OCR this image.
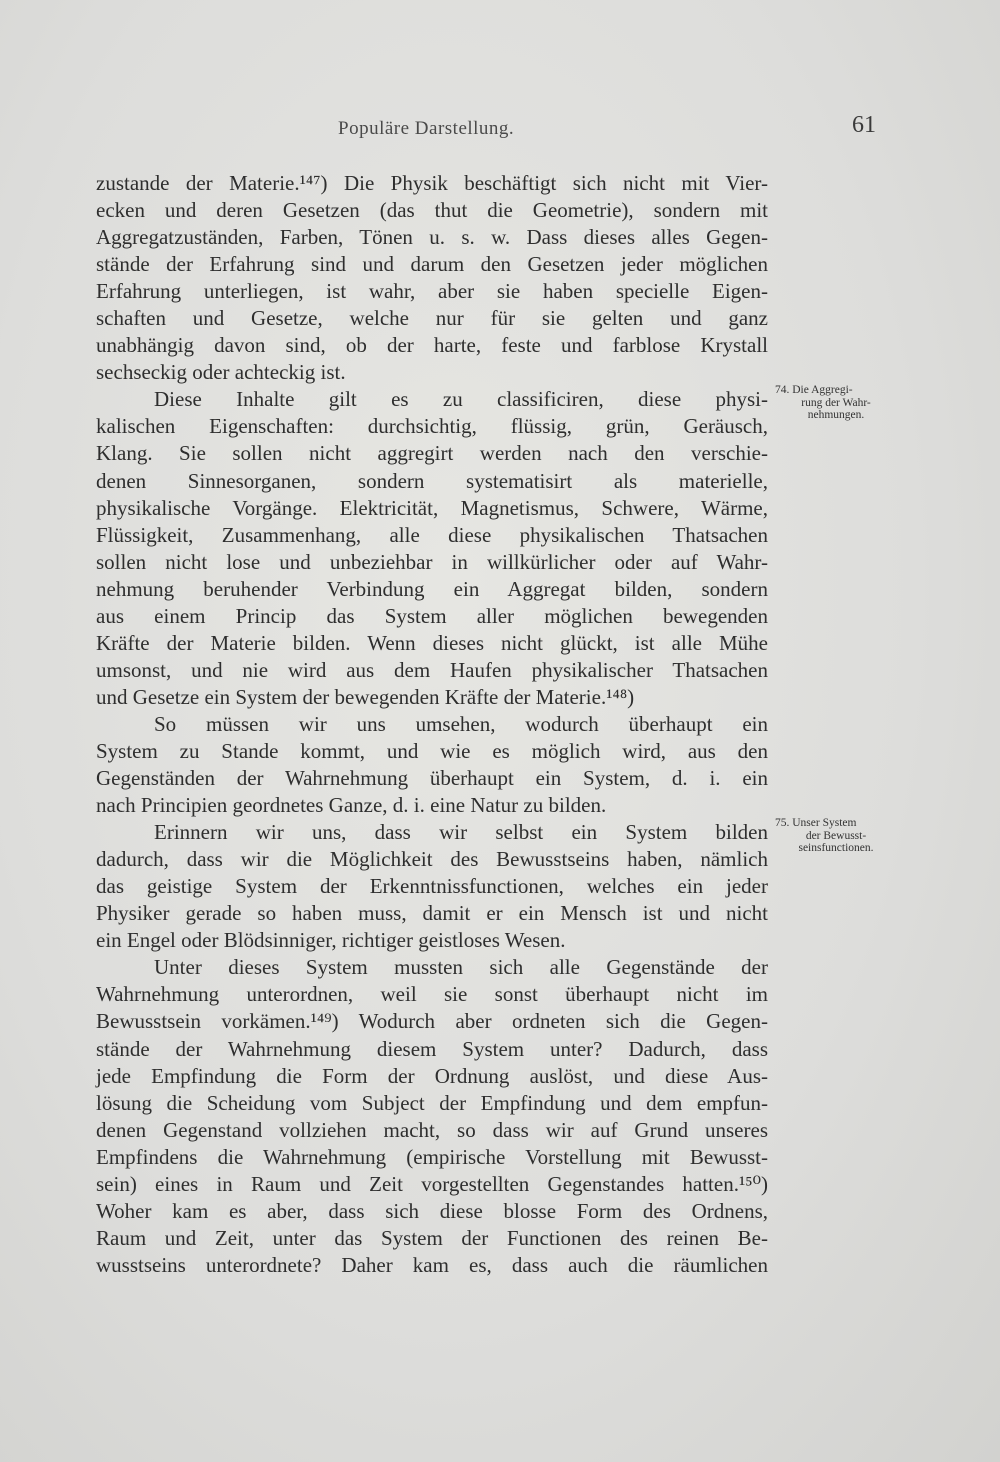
Populäre Darstellung.	61
zustande der Materie.¹⁴⁷) Die Physik beschäftigt sich nicht mit Vier-
ecken und deren Gesetzen (das thut die Geometrie), sondern mit
Aggregatzuständen, Farben, Tönen u. s. w. Dass dieses alles Gegen-
stände der Erfahrung sind und darum den Gesetzen jeder möglichen
Erfahrung unterliegen, ist wahr, aber sie haben specielle Eigen-
schaften und Gesetze, welche nur für sie gelten und ganz
unabhängig davon sind, ob der harte, feste und farblose Krystall
sechseckig oder achteckig ist.
Diese Inhalte gilt es zu classificiren, diese physi-
kalischen Eigenschaften: durchsichtig, flüssig, grün, Geräusch,
Klang. Sie sollen nicht aggregirt werden nach den verschie-
denen Sinnesorganen, sondern systematisirt als materielle,
physikalische Vorgänge. Elektricität, Magnetismus, Schwere, Wärme,
Flüssigkeit, Zusammenhang, alle diese physikalischen Thatsachen
sollen nicht lose und unbeziehbar in willkürlicher oder auf Wahr-
nehmung beruhender Verbindung ein Aggregat bilden, sondern
aus einem Princip das System aller möglichen bewegenden
Kräfte der Materie bilden. Wenn dieses nicht glückt, ist alle Mühe
umsonst, und nie wird aus dem Haufen physikalischer Thatsachen
und Gesetze ein System der bewegenden Kräfte der Materie.¹⁴⁸)
So müssen wir uns umsehen, wodurch überhaupt ein
System zu Stande kommt, und wie es möglich wird, aus den
Gegenständen der Wahrnehmung überhaupt ein System, d. i. ein
nach Principien geordnetes Ganze, d. i. eine Natur zu bilden.
Erinnern wir uns, dass wir selbst ein System bilden
dadurch, dass wir die Möglichkeit des Bewusstseins haben, nämlich
das geistige System der Erkenntnissfunctionen, welches ein jeder
Physiker gerade so haben muss, damit er ein Mensch ist und nicht
ein Engel oder Blödsinniger, richtiger geistloses Wesen.
Unter dieses System mussten sich alle Gegenstände der
Wahrnehmung unterordnen, weil sie sonst überhaupt nicht im
Bewusstsein vorkämen.¹⁴⁹) Wodurch aber ordneten sich die Gegen-
stände der Wahrnehmung diesem System unter? Dadurch, dass
jede Empfindung die Form der Ordnung auslöst, und diese Aus-
lösung die Scheidung vom Subject der Empfindung und dem empfun-
denen Gegenstand vollziehen macht, so dass wir auf Grund unseres
Empfindens die Wahrnehmung (empirische Vorstellung mit Bewusst-
sein) eines in Raum und Zeit vorgestellten Gegenstandes hatten.¹⁵⁰)
Woher kam es aber, dass sich diese blosse Form des Ordnens,
Raum und Zeit, unter das System der Functionen des reinen Be-
wusstseins unterordnete? Daher kam es, dass auch die räumlichen
74. Die Aggregi-
rung der Wahr-
nehmungen.
75. Unser System
der Bewusst-
seinsfunctionen.
